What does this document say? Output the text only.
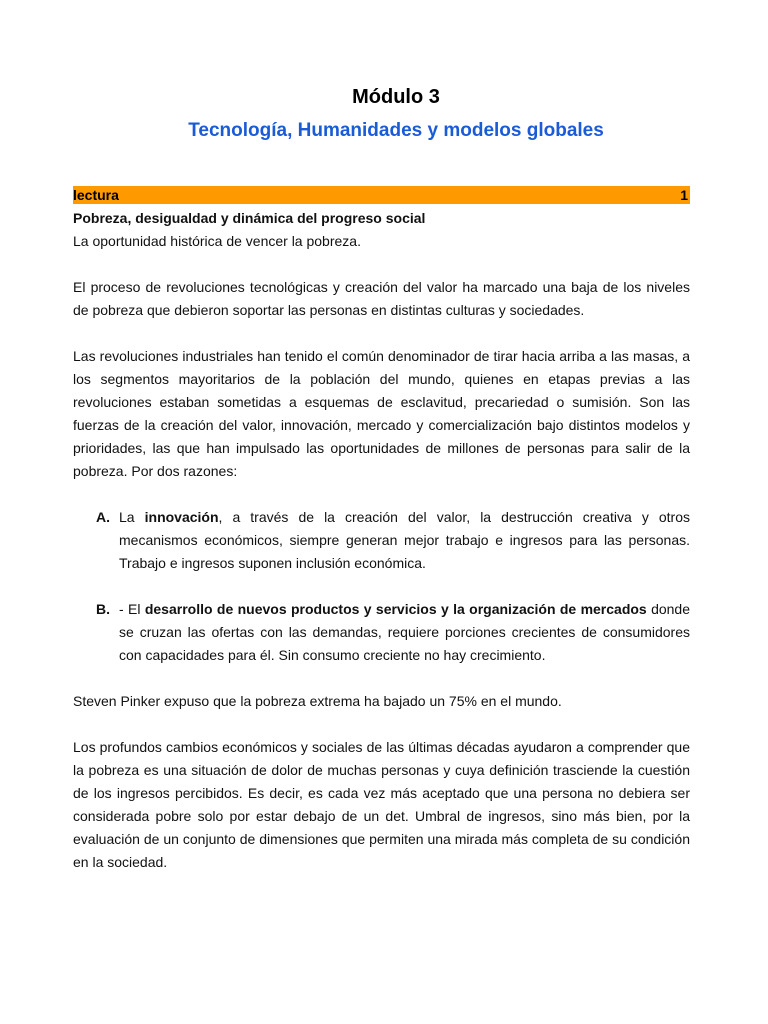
Módulo 3
Tecnología, Humanidades y modelos globales
lectura	1

Pobreza, desigualdad y dinámica del progreso social

La oportunidad histórica de vencer la pobreza.

El proceso de revoluciones tecnológicas y creación del valor ha marcado una baja de los niveles de pobreza que debieron soportar las personas en distintas culturas y sociedades.

Las revoluciones industriales han tenido el común denominador de tirar hacia arriba a las masas, a los segmentos mayoritarios de la población del mundo, quienes en etapas previas a las revoluciones estaban sometidas a esquemas de esclavitud, precariedad o sumisión. Son las fuerzas de la creación del valor, innovación, mercado y comercialización bajo distintos modelos y prioridades, las que han impulsado las oportunidades de millones de personas para salir de la pobreza. Por dos razones:

A. La innovación, a través de la creación del valor, la destrucción creativa y otros mecanismos económicos, siempre generan mejor trabajo e ingresos para las personas. Trabajo e ingresos suponen inclusión económica.
B. - El desarrollo de nuevos productos y servicios y la organización de mercados donde se cruzan las ofertas con las demandas, requiere porciones crecientes de consumidores con capacidades para él. Sin consumo creciente no hay crecimiento.

Steven Pinker expuso que la pobreza extrema ha bajado un 75% en el mundo.

Los profundos cambios económicos y sociales de las últimas décadas ayudaron a comprender que la pobreza es una situación de dolor de muchas personas y cuya definición trasciende la cuestión de los ingresos percibidos. Es decir, es cada vez más aceptado que una persona no debiera ser considerada pobre solo por estar debajo de un det. Umbral de ingresos, sino más bien, por la evaluación de un conjunto de dimensiones que permiten una mirada más completa de su condición en la sociedad.
